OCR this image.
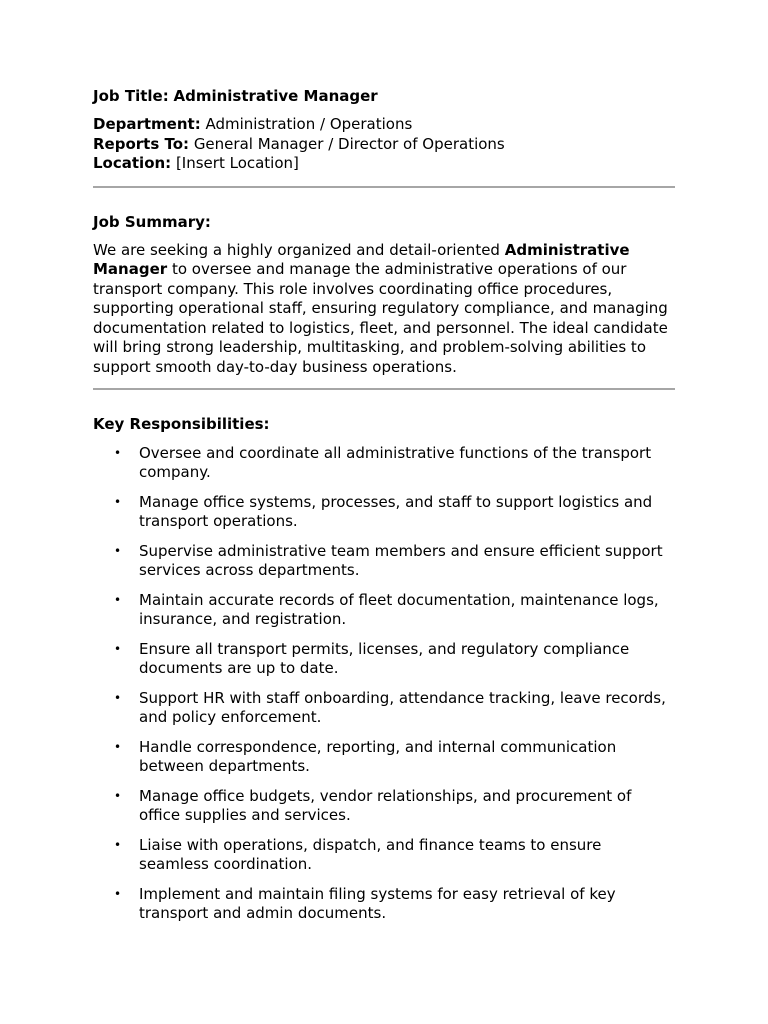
Job Title: Administrative Manager

Department: Administration / Operations

Reports To: General Manager / Director of Operations

Location: [Insert Location]

Job Summary:

We are seeking a highly organized and detail-oriented Administrative Manager to oversee and manage the administrative operations of our transport company. This role involves coordinating office procedures, supporting operational staff, ensuring regulatory compliance, and managing documentation related to logistics, fleet, and personnel. The ideal candidate will bring strong leadership, multitasking, and problem-solving abilities to support smooth day-to-day business operations.

Key Responsibilities:

• Oversee and coordinate all administrative functions of the transport company.
• Manage office systems, processes, and staff to support logistics and transport operations.
• Supervise administrative team members and ensure efficient support services across departments.
• Maintain accurate records of fleet documentation, maintenance logs, insurance, and registration.
• Ensure all transport permits, licenses, and regulatory compliance documents are up to date.
• Support HR with staff onboarding, attendance tracking, leave records, and policy enforcement.
• Handle correspondence, reporting, and internal communication between departments.
• Manage office budgets, vendor relationships, and procurement of office supplies and services.
• Liaise with operations, dispatch, and finance teams to ensure seamless coordination.
• Implement and maintain filing systems for easy retrieval of key transport and admin documents.
